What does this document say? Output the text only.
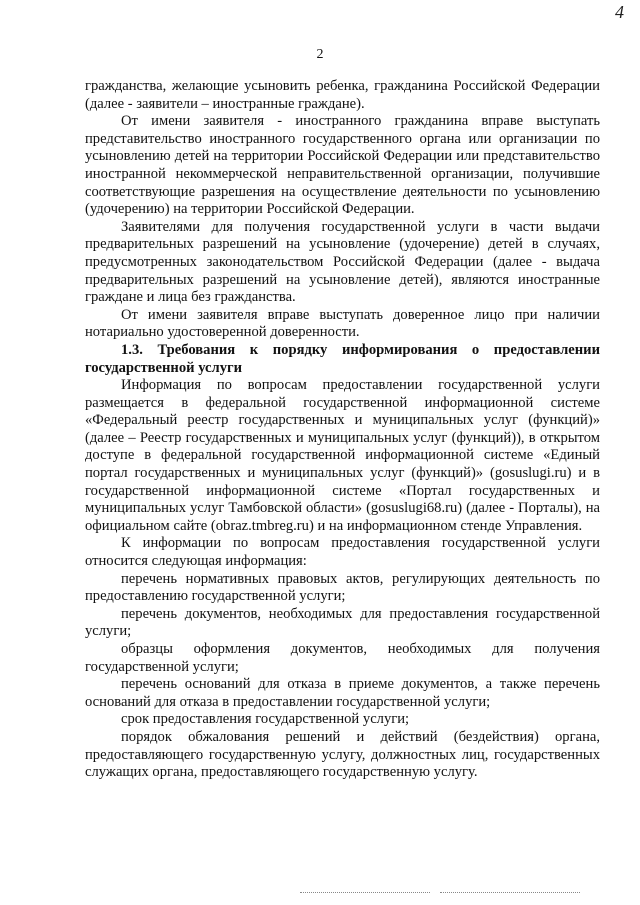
4
2

гражданства, желающие усыновить ребенка, гражданина Российской Федерации (далее - заявители – иностранные граждане).

От имени заявителя - иностранного гражданина вправе выступать представительство иностранного государственного органа или организации по усыновлению детей на территории Российской Федерации или представительство иностранной некоммерческой неправительственной организации, получившие соответствующие разрешения на осуществление деятельности по усыновлению (удочерению) на территории Российской Федерации.

Заявителями для получения государственной услуги в части выдачи предварительных разрешений на усыновление (удочерение) детей в случаях, предусмотренных законодательством Российской Федерации (далее - выдача предварительных разрешений на усыновление детей), являются иностранные граждане и лица без гражданства.

От имени заявителя вправе выступать доверенное лицо при наличии нотариально удостоверенной доверенности.

1.3. Требования к порядку информирования о предоставлении государственной услуги

Информация по вопросам предоставлении государственной услуги размещается в федеральной государственной информационной системе «Федеральный реестр государственных и муниципальных услуг (функций)» (далее – Реестр государственных и муниципальных услуг (функций)), в открытом доступе в федеральной государственной информационной системе «Единый портал государственных и муниципальных услуг (функций)» (gosuslugi.ru) и в государственной информационной системе «Портал государственных и муниципальных услуг Тамбовской области» (gosuslugi68.ru) (далее - Порталы), на официальном сайте (obraz.tmbreg.ru) и на информационном стенде Управления.

К информации по вопросам предоставления государственной услуги относится следующая информация:

перечень нормативных правовых актов, регулирующих деятельность по предоставлению государственной услуги;

перечень документов, необходимых для предоставления государственной услуги;

образцы оформления документов, необходимых для получения государственной услуги;

перечень оснований для отказа в приеме документов, а также перечень оснований для отказа в предоставлении государственной услуги;

срок предоставления государственной услуги;

порядок обжалования решений и действий (бездействия) органа, предоставляющего государственную услугу, должностных лиц, государственных служащих органа, предоставляющего государственную услугу.
